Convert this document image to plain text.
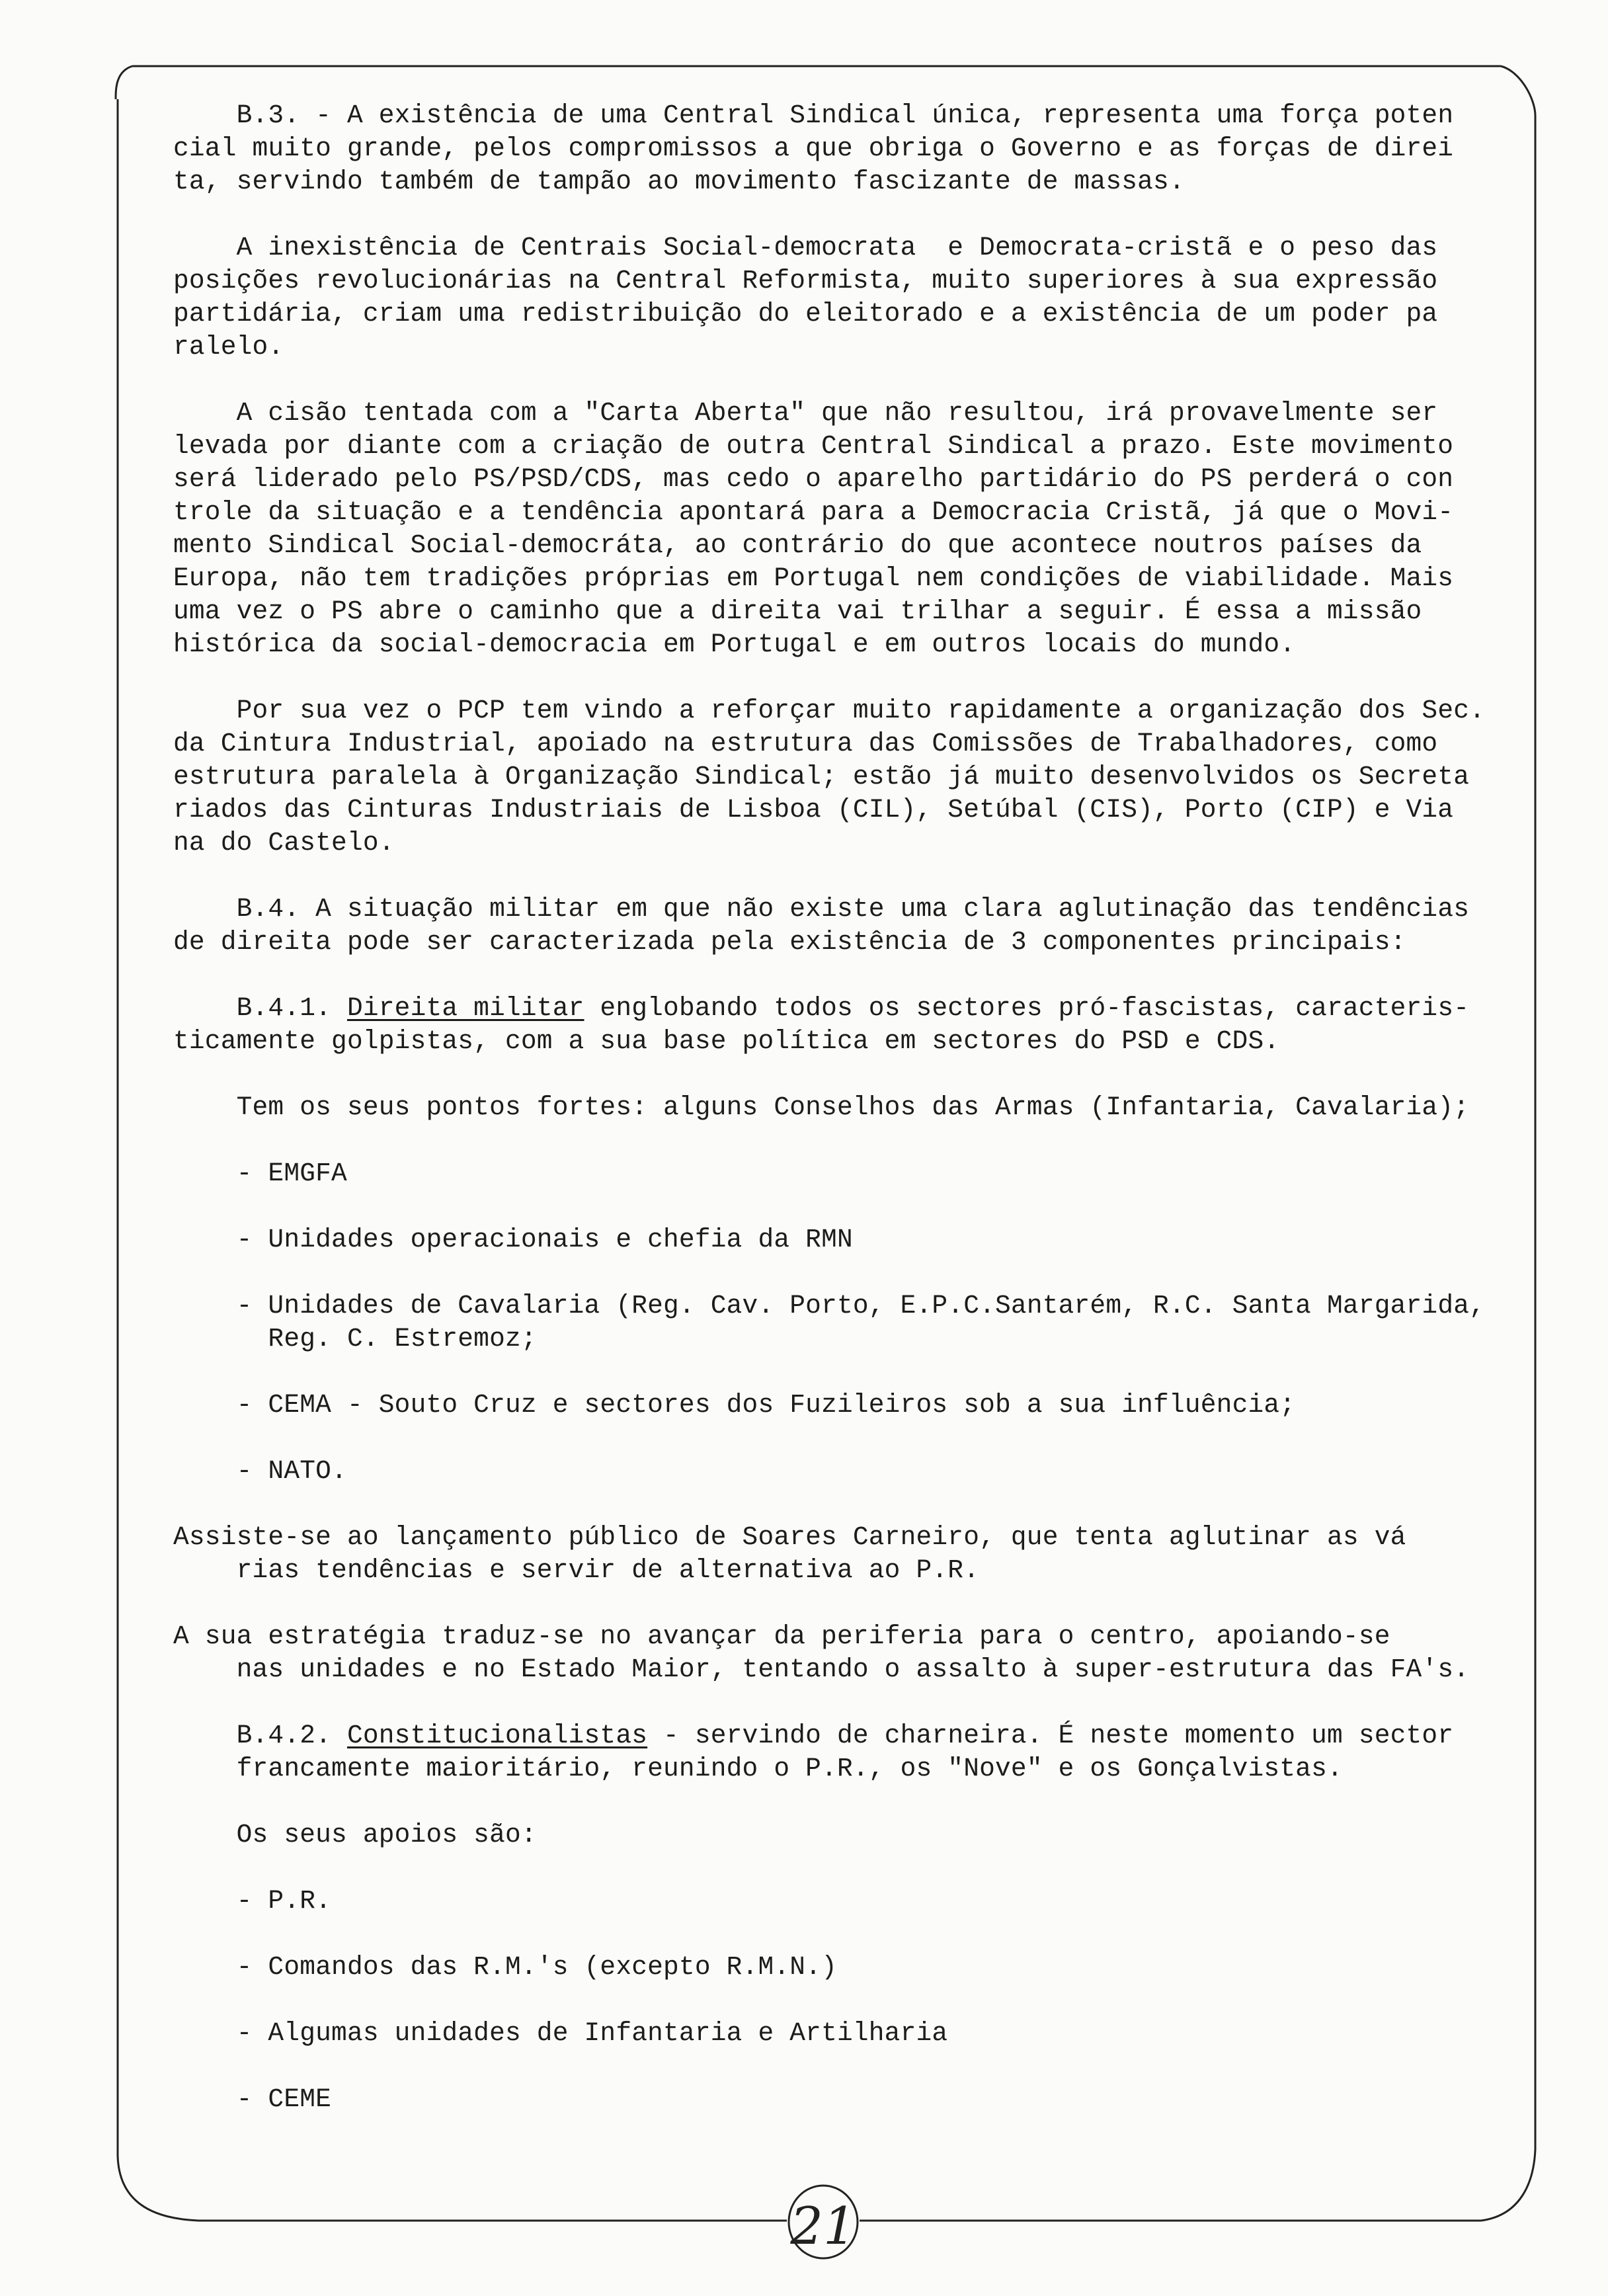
B.3. - A existência de uma Central Sindical única, representa uma força poten

cial muito grande, pelos compromissos a que obriga o Governo e as forças de direi

ta, servindo também de tampão ao movimento fascizante de massas.

A inexistência de Centrais Social-democrata  e Democrata-cristã e o peso das

posições revolucionárias na Central Reformista, muito superiores à sua expressão

partidária, criam uma redistribuição do eleitorado e a existência de um poder pa

ralelo.

A cisão tentada com a "Carta Aberta" que não resultou, irá provavelmente ser

levada por diante com a criação de outra Central Sindical a prazo. Este movimento

será liderado pelo PS/PSD/CDS, mas cedo o aparelho partidário do PS perderá o con

trole da situação e a tendência apontará para a Democracia Cristã, já que o Movi-

mento Sindical Social-democráta, ao contrário do que acontece noutros países da

Europa, não tem tradições próprias em Portugal nem condições de viabilidade. Mais

uma vez o PS abre o caminho que a direita vai trilhar a seguir. É essa a missão

histórica da social-democracia em Portugal e em outros locais do mundo.

Por sua vez o PCP tem vindo a reforçar muito rapidamente a organização dos Sec.

da Cintura Industrial, apoiado na estrutura das Comissões de Trabalhadores, como

estrutura paralela à Organização Sindical; estão já muito desenvolvidos os Secreta

riados das Cinturas Industriais de Lisboa (CIL), Setúbal (CIS), Porto (CIP) e Via

na do Castelo.

B.4. A situação militar em que não existe uma clara aglutinação das tendências

de direita pode ser caracterizada pela existência de 3 componentes principais:

B.4.1. Direita militar englobando todos os sectores pró-fascistas, caracteris-

ticamente golpistas, com a sua base política em sectores do PSD e CDS.

Tem os seus pontos fortes: alguns Conselhos das Armas (Infantaria, Cavalaria);

- EMGFA

- Unidades operacionais e chefia da RMN

- Unidades de Cavalaria (Reg. Cav. Porto, E.P.C.Santarém, R.C. Santa Margarida,

Reg. C. Estremoz;

- CEMA - Souto Cruz e sectores dos Fuzileiros sob a sua influência;

- NATO.

Assiste-se ao lançamento público de Soares Carneiro, que tenta aglutinar as vá

rias tendências e servir de alternativa ao P.R.

A sua estratégia traduz-se no avançar da periferia para o centro, apoiando-se

nas unidades e no Estado Maior, tentando o assalto à super-estrutura das FA's.

B.4.2. Constitucionalistas - servindo de charneira. É neste momento um sector

francamente maioritário, reunindo o P.R., os "Nove" e os Gonçalvistas.

Os seus apoios são:

- P.R.

- Comandos das R.M.'s (excepto R.M.N.)

- Algumas unidades de Infantaria e Artilharia

- CEME

21
